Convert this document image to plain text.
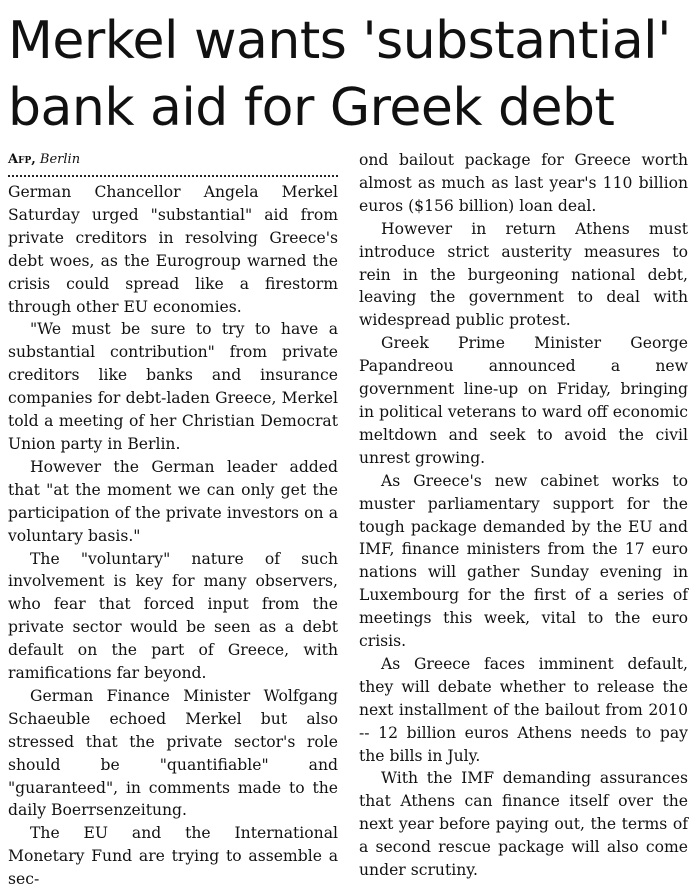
Merkel wants 'substantial' bank aid for Greek debt
Afp, Berlin

German Chancellor Angela Merkel Saturday urged "substantial" aid from private creditors in resolving Greece's debt woes, as the Eurogroup warned the crisis could spread like a firestorm through other EU economies.

"We must be sure to try to have a substantial contribution" from private creditors like banks and insurance companies for debt-laden Greece, Merkel told a meeting of her Christian Democrat Union party in Berlin.

However the German leader added that "at the moment we can only get the participation of the private investors on a voluntary basis."

The "voluntary" nature of such involvement is key for many observers, who fear that forced input from the private sector would be seen as a debt default on the part of Greece, with ramifications far beyond.

German Finance Minister Wolfgang Schaeuble echoed Merkel but also stressed that the private sector's role should be "quantifiable" and "guaranteed", in comments made to the daily Boerrsenzeitung.

The EU and the International Monetary Fund are trying to assemble a sec-

ond bailout package for Greece worth almost as much as last year's 110 billion euros ($156 billion) loan deal.

However in return Athens must introduce strict austerity measures to rein in the burgeoning national debt, leaving the government to deal with widespread public protest.

Greek Prime Minister George Papandreou announced a new government line-up on Friday, bringing in political veterans to ward off economic meltdown and seek to avoid the civil unrest growing.

As Greece's new cabinet works to muster parliamentary support for the tough package demanded by the EU and IMF, finance ministers from the 17 euro nations will gather Sunday evening in Luxembourg for the first of a series of meetings this week, vital to the euro crisis.

As Greece faces imminent default, they will debate whether to release the next installment of the bailout from 2010 -- 12 billion euros Athens needs to pay the bills in July.

With the IMF demanding assurances that Athens can finance itself over the next year before paying out, the terms of a second rescue package will also come under scrutiny.
